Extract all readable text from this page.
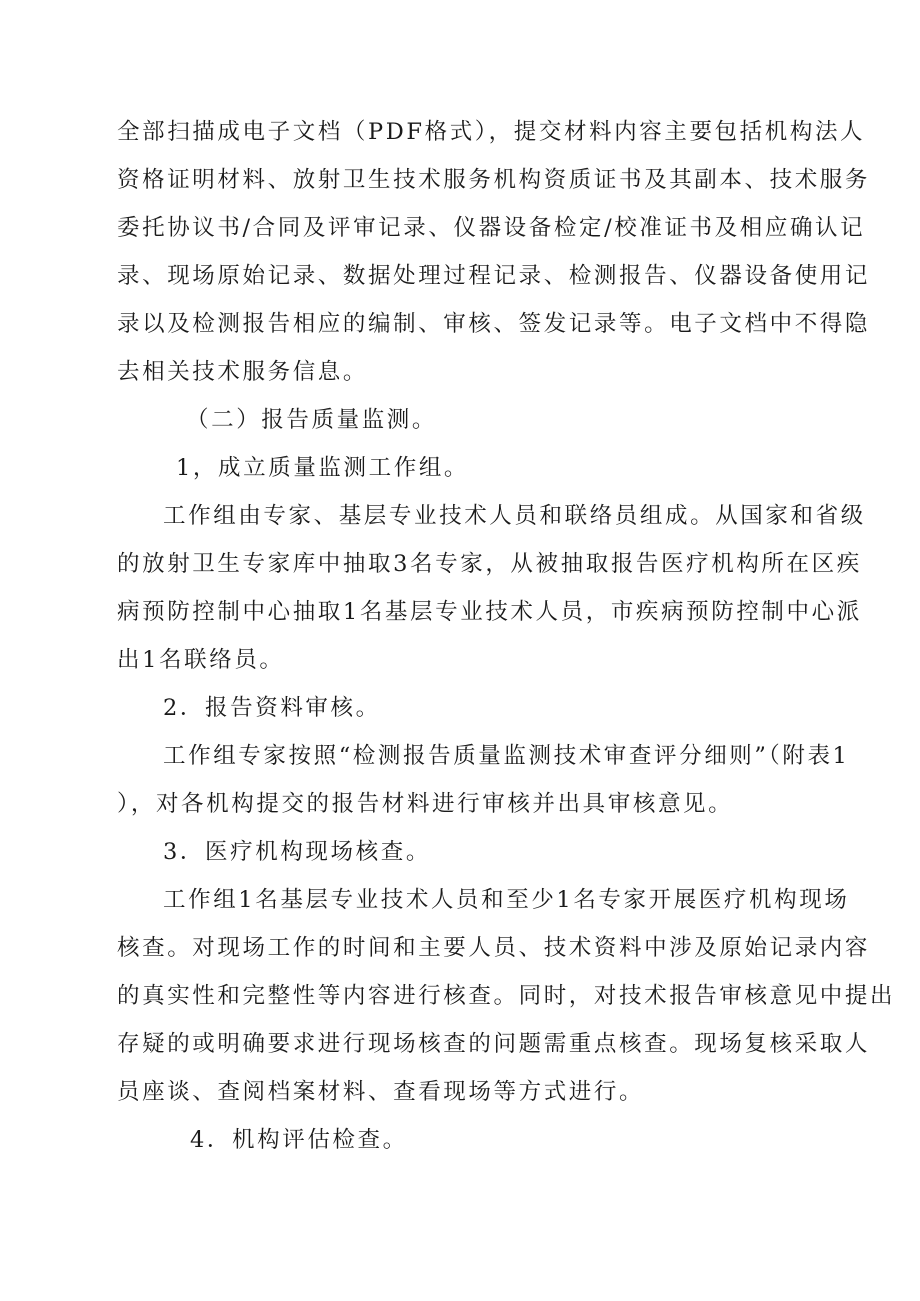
全部扫描成电子文档（PDF格式），提交材料内容主要包括机构法人
资格证明材料、放射卫生技术服务机构资质证书及其副本、技术服务
委托协议书/合同及评审记录、仪器设备检定/校准证书及相应确认记
录、现场原始记录、数据处理过程记录、检测报告、仪器设备使用记
录以及检测报告相应的编制、审核、签发记录等。电子文档中不得隐
去相关技术服务信息。
（二）报告质量监测。
1，成立质量监测工作组。
工作组由专家、基层专业技术人员和联络员组成。从国家和省级
的放射卫生专家库中抽取3名专家，从被抽取报告医疗机构所在区疾
病预防控制中心抽取1名基层专业技术人员，市疾病预防控制中心派
出1名联络员。
2．报告资料审核。
工作组专家按照“检测报告质量监测技术审查评分细则”（附表1
），对各机构提交的报告材料进行审核并出具审核意见。
3．医疗机构现场核查。
工作组1名基层专业技术人员和至少1名专家开展医疗机构现场
核查。对现场工作的时间和主要人员、技术资料中涉及原始记录内容
的真实性和完整性等内容进行核查。同时，对技术报告审核意见中提出
存疑的或明确要求进行现场核查的问题需重点核查。现场复核采取人
员座谈、查阅档案材料、查看现场等方式进行。
4．机构评估检查。
